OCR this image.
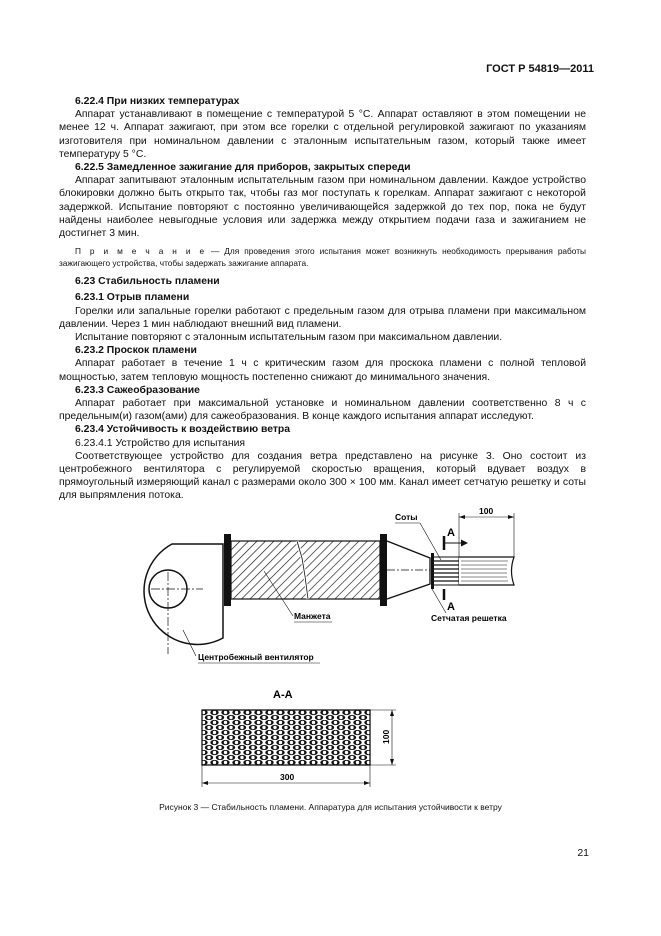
ГОСТ Р 54819—2011

6.22.4 При низких температурах

Аппарат устанавливают в помещение с температурой 5 °С. Аппарат оставляют в этом помещении не менее 12 ч. Аппарат зажигают, при этом все горелки с отдельной регулировкой зажигают по указаниям изготовителя при номинальном давлении с эталонным испытательным газом, который также имеет температуру 5 °С.

6.22.5 Замедленное зажигание для приборов, закрытых спереди

Аппарат запитывают эталонным испытательным газом при номинальном давлении. Каждое устройство блокировки должно быть открыто так, чтобы газ мог поступать к горелкам. Аппарат зажигают с некоторой задержкой. Испытание повторяют с постоянно увеличивающейся задержкой до тех пор, пока не будут найдены наиболее невыгодные условия или задержка между открытием подачи газа и зажиганием не достигнет 3 мин.

П р и м е ч а н и е — Для проведения этого испытания может возникнуть необходимость прерывания работы зажигающего устройства, чтобы задержать зажигание аппарата.

6.23 Стабильность пламени

6.23.1 Отрыв пламени

Горелки или запальные горелки работают с предельным газом для отрыва пламени при максимальном давлении. Через 1 мин наблюдают внешний вид пламени.

Испытание повторяют с эталонным испытательным газом при максимальном давлении.

6.23.2 Проскок пламени

Аппарат работает в течение 1 ч с критическим газом для проскока пламени с полной тепловой мощностью, затем тепловую мощность постепенно снижают до минимального значения.

6.23.3 Сажеобразование

Аппарат работает при максимальной установке и номинальном давлении соответственно 8 ч с предельным(и) газом(ами) для сажеобразования. В конце каждого испытания аппарат исследуют.

6.23.4 Устойчивость к воздействию ветра

6.23.4.1 Устройство для испытания

Соответствующее устройство для создания ветра представлено на рисунке 3. Оно состоит из центробежного вентилятора с регулируемой скоростью вращения, который вдувает воздух в прямоугольный измеряющий канал с размерами около 300 × 100 мм. Канал имеет сетчатую решетку и соты для выпрямления потока.

А
А
100
Соты
Сетчатая решетка
Манжета
Центробежный вентилятор
А-А
300
100
Рисунок 3 — Стабильность пламени. Аппаратура для испытания устойчивости к ветру
21
